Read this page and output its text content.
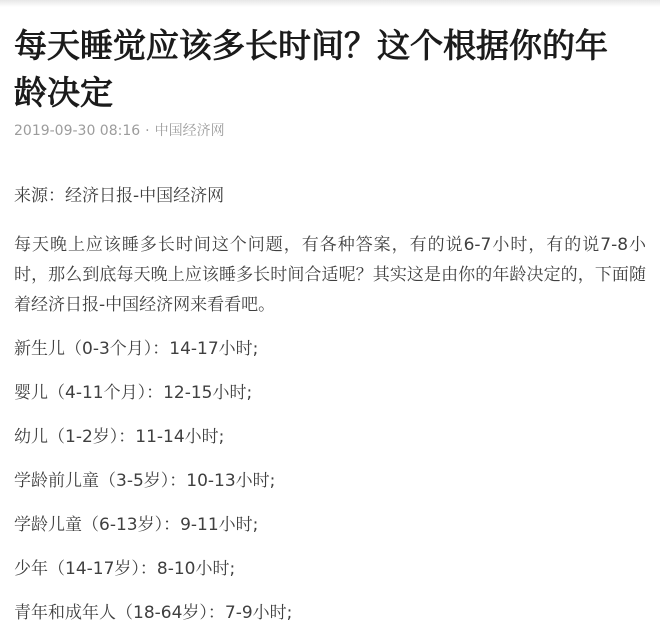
每天睡觉应该多长时间？这个根据你的年龄决定
2019-09-30 08:16 · 中国经济网
来源：经济日报-中国经济网

每天晚上应该睡多长时间这个问题，有各种答案，有的说6-7小时，有的说7-8小时，那么到底每天晚上应该睡多长时间合适呢？其实这是由你的年龄决定的，下面随着经济日报-中国经济网来看看吧。

新生儿（0-3个月）：14-17小时;
婴儿（4-11个月）：12-15小时;
幼儿（1-2岁）：11-14小时;
学龄前儿童（3-5岁）：10-13小时;
学龄儿童（6-13岁）：9-11小时;
少年（14-17岁）：8-10小时;
青年和成年人（18-64岁）：7-9小时;
